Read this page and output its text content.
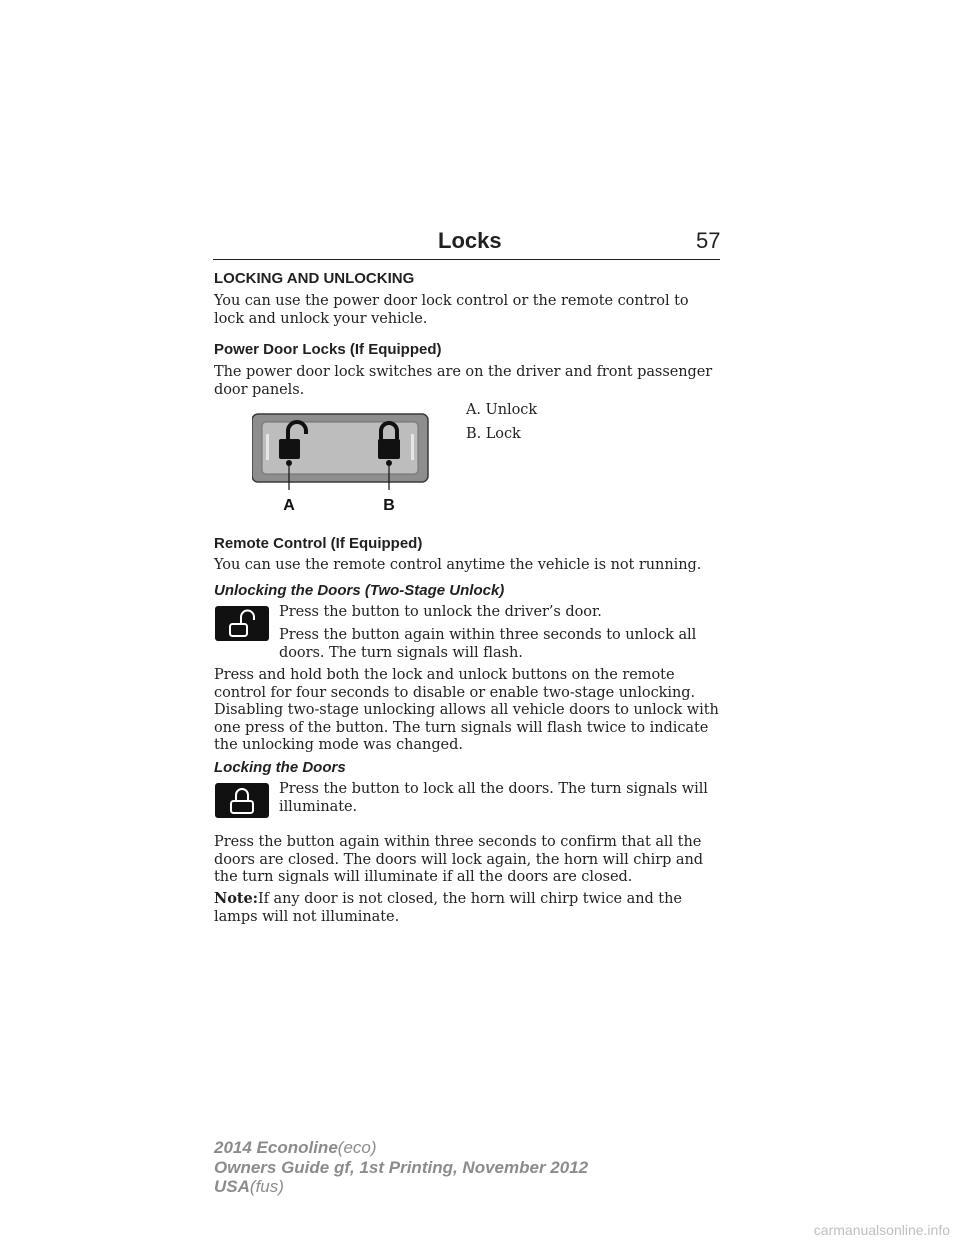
Locks	57
LOCKING AND UNLOCKING
You can use the power door lock control or the remote control to lock and unlock your vehicle.
Power Door Locks (If Equipped)
The power door lock switches are on the driver and front passenger door panels.
A. Unlock
B. Lock
A	B
Remote Control (If Equipped)
You can use the remote control anytime the vehicle is not running.
Unlocking the Doors (Two-Stage Unlock)
Press the button to unlock the driver’s door.
Press the button again within three seconds to unlock all doors. The turn signals will flash.
Press and hold both the lock and unlock buttons on the remote control for four seconds to disable or enable two-stage unlocking. Disabling two-stage unlocking allows all vehicle doors to unlock with one press of the button. The turn signals will flash twice to indicate the unlocking mode was changed.
Locking the Doors
Press the button to lock all the doors. The turn signals will illuminate.
Press the button again within three seconds to confirm that all the doors are closed. The doors will lock again, the horn will chirp and the turn signals will illuminate if all the doors are closed.
Note:If any door is not closed, the horn will chirp twice and the lamps will not illuminate.
2014 Econoline(eco)
Owners Guide gf, 1st Printing, November 2012
USA(fus)
carmanualsonline.info
